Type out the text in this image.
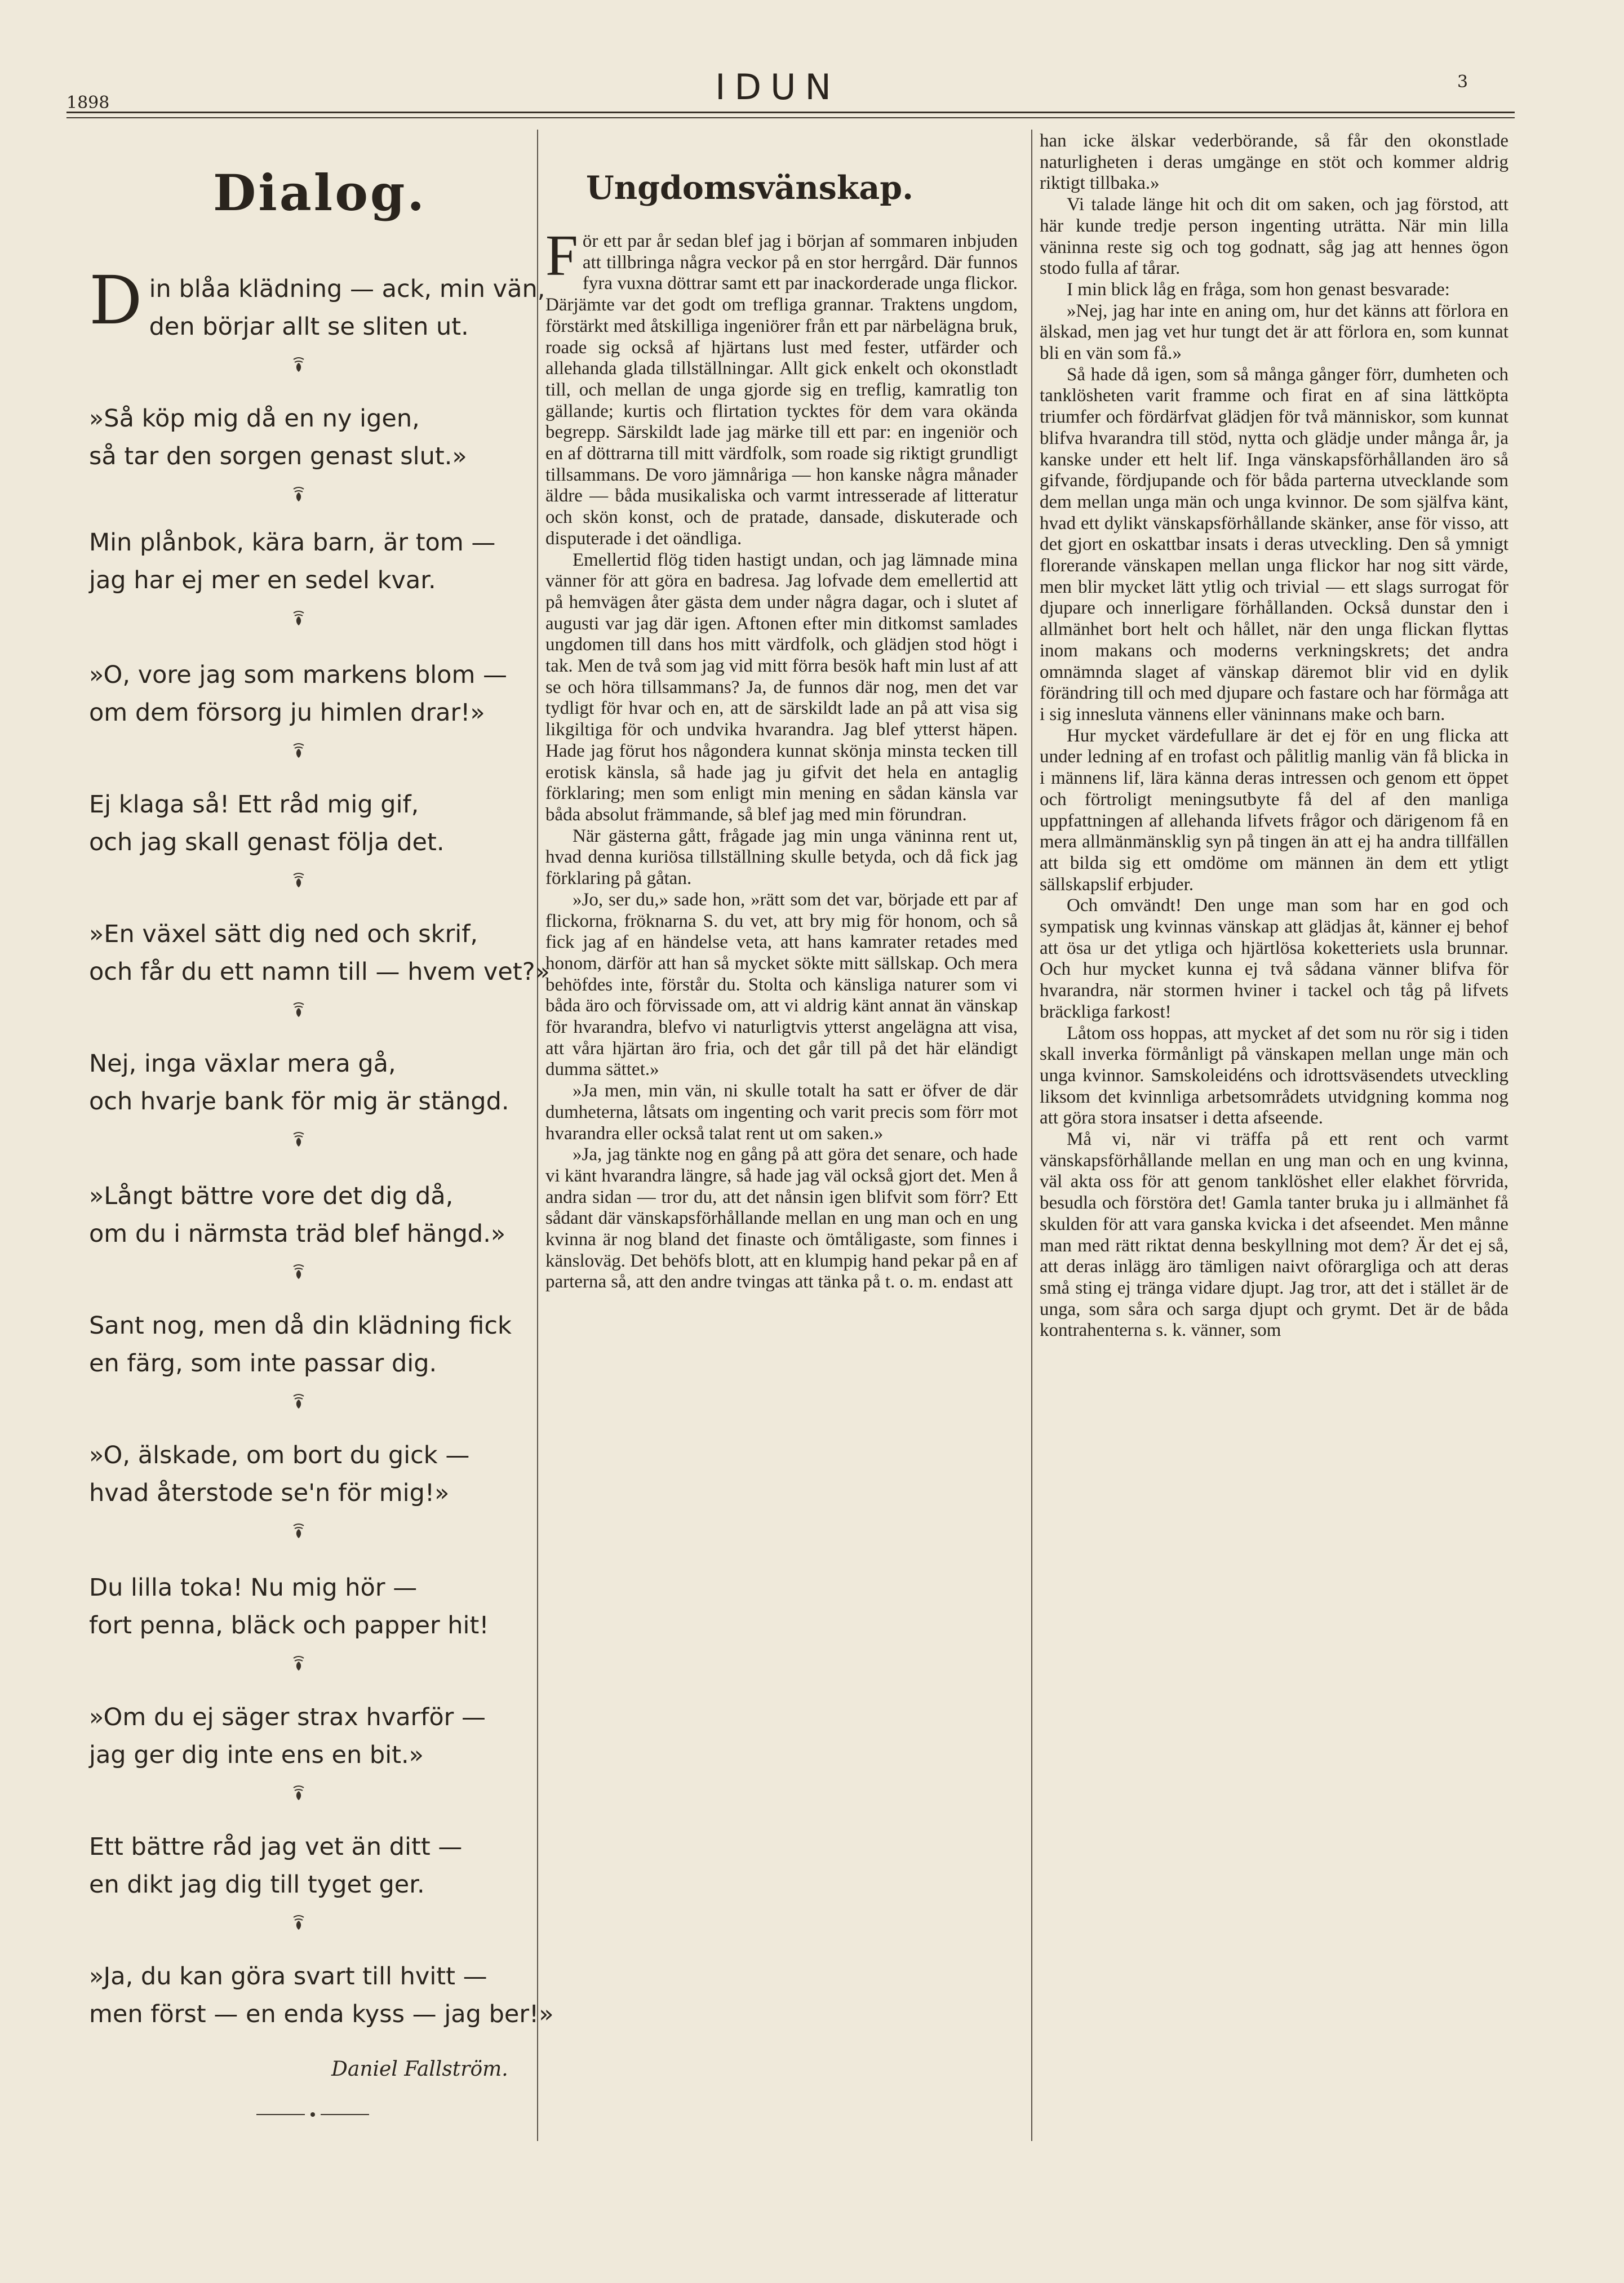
1898	IDUN	3
Dialog.
D in blåa klädning — ack, min vän,
den börjar allt se sliten ut.
»Så köp mig då en ny igen,
så tar den sorgen genast slut.»
Min plånbok, kära barn, är tom —
jag har ej mer en sedel kvar.
»O, vore jag som markens blom —
om dem försorg ju himlen drar!»
Ej klaga så! Ett råd mig gif,
och jag skall genast följa det.
»En växel sätt dig ned och skrif,
och får du ett namn till — hvem vet?»
Nej, inga växlar mera gå,
och hvarje bank för mig är stängd.
»Långt bättre vore det dig då,
om du i närmsta träd blef hängd.»
Sant nog, men då din klädning fick
en färg, som inte passar dig.
»O, älskade, om bort du gick —
hvad återstode se'n för mig!»
Du lilla toka! Nu mig hör —
fort penna, bläck och papper hit!
»Om du ej säger strax hvarför —
jag ger dig inte ens en bit.»
Ett bättre råd jag vet än ditt —
en dikt jag dig till tyget ger.
»Ja, du kan göra svart till hvitt —
men först — en enda kyss — jag ber!»
Daniel Fallström.
Ungdomsvänskap.
F ör ett par år sedan blef jag i början af sommaren inbjuden att tillbringa några veckor på en stor herrgård. Där funnos fyra vuxna döttrar samt ett par inackorderade unga flickor. Därjämte var det godt om trefliga grannar. Traktens ungdom, förstärkt med åtskilliga ingeniörer från ett par närbelägna bruk, roade sig också af hjärtans lust med fester, utfärder och allehanda glada tillställningar. Allt gick enkelt och okonstladt till, och mellan de unga gjorde sig en treflig, kamratlig ton gällande; kurtis och flirtation tycktes för dem vara okända begrepp. Särskildt lade jag märke till ett par: en ingeniör och en af döttrarna till mitt värdfolk, som roade sig riktigt grundligt tillsammans. De voro jämnåriga — hon kanske några månader äldre — båda musikaliska och varmt intresserade af litteratur och skön konst, och de pratade, dansade, diskuterade och disputerade i det oändliga.

Emellertid flög tiden hastigt undan, och jag lämnade mina vänner för att göra en badresa. Jag lofvade dem emellertid att på hemvägen åter gästa dem under några dagar, och i slutet af augusti var jag där igen. Aftonen efter min ditkomst samlades ungdomen till dans hos mitt värdfolk, och glädjen stod högt i tak. Men de två som jag vid mitt förra besök haft min lust af att se och höra tillsammans? Ja, de funnos där nog, men det var tydligt för hvar och en, att de särskildt lade an på att visa sig likgiltiga för och undvika hvarandra. Jag blef ytterst häpen. Hade jag förut hos någondera kunnat skönja minsta tecken till erotisk känsla, så hade jag ju gifvit det hela en antaglig förklaring; men som enligt min mening en sådan känsla var båda absolut främmande, så blef jag med min förundran.

När gästerna gått, frågade jag min unga väninna rent ut, hvad denna kuriösa tillställning skulle betyda, och då fick jag förklaring på gåtan.

»Jo, ser du,» sade hon, »rätt som det var, började ett par af flickorna, fröknarna S. du vet, att bry mig för honom, och så fick jag af en händelse veta, att hans kamrater retades med honom, därför att han så mycket sökte mitt sällskap. Och mera behöfdes inte, förstår du. Stolta och känsliga naturer som vi båda äro och förvissade om, att vi aldrig känt annat än vänskap för hvarandra, blefvo vi naturligtvis ytterst angelägna att visa, att våra hjärtan äro fria, och det går till på det här eländigt dumma sättet.»

»Ja men, min vän, ni skulle totalt ha satt er öfver de där dumheterna, låtsats om ingenting och varit precis som förr mot hvarandra eller också talat rent ut om saken.»

»Ja, jag tänkte nog en gång på att göra det senare, och hade vi känt hvarandra längre, så hade jag väl också gjort det. Men å andra sidan — tror du, att det nånsin igen blifvit som förr? Ett sådant där vänskapsförhållande mellan en ung man och en ung kvinna är nog bland det finaste och ömtåligaste, som finnes i känsloväg. Det behöfs blott, att en klumpig hand pekar på en af parterna så, att den andre tvingas att tänka på t. o. m. endast att

han icke älskar vederbörande, så får den okonstlade naturligheten i deras umgänge en stöt och kommer aldrig riktigt tillbaka.»

Vi talade länge hit och dit om saken, och jag förstod, att här kunde tredje person ingenting uträtta. När min lilla väninna reste sig och tog godnatt, såg jag att hennes ögon stodo fulla af tårar.

I min blick låg en fråga, som hon genast besvarade:

»Nej, jag har inte en aning om, hur det känns att förlora en älskad, men jag vet hur tungt det är att förlora en, som kunnat bli en vän som få.»

Så hade då igen, som så många gånger förr, dumheten och tanklösheten varit framme och firat en af sina lättköpta triumfer och fördärfvat glädjen för två människor, som kunnat blifva hvarandra till stöd, nytta och glädje under många år, ja kanske under ett helt lif. Inga vänskapsförhållanden äro så gifvande, fördjupande och för båda parterna utvecklande som dem mellan unga män och unga kvinnor. De som själfva känt, hvad ett dylikt vänskapsförhållande skänker, anse för visso, att det gjort en oskattbar insats i deras utveckling. Den så ymnigt florerande vänskapen mellan unga flickor har nog sitt värde, men blir mycket lätt ytlig och trivial — ett slags surrogat för djupare och innerligare förhållanden. Också dunstar den i allmänhet bort helt och hållet, när den unga flickan flyttas inom makans och moderns verkningskrets; det andra omnämnda slaget af vänskap däremot blir vid en dylik förändring till och med djupare och fastare och har förmåga att i sig innesluta vännens eller väninnans make och barn.

Hur mycket värdefullare är det ej för en ung flicka att under ledning af en trofast och pålitlig manlig vän få blicka in i männens lif, lära känna deras intressen och genom ett öppet och förtroligt meningsutbyte få del af den manliga uppfattningen af allehanda lifvets frågor och därigenom få en mera allmänmänsklig syn på tingen än att ej ha andra tillfällen att bilda sig ett omdöme om männen än dem ett ytligt sällskapslif erbjuder.

Och omvändt! Den unge man som har en god och sympatisk ung kvinnas vänskap att glädjas åt, känner ej behof att ösa ur det ytliga och hjärtlösa koketteriets usla brunnar. Och hur mycket kunna ej två sådana vänner blifva för hvarandra, när stormen hviner i tackel och tåg på lifvets bräckliga farkost!

Låtom oss hoppas, att mycket af det som nu rör sig i tiden skall inverka förmånligt på vänskapen mellan unge män och unga kvinnor. Samskoleidéns och idrottsväsendets utveckling liksom det kvinnliga arbetsområdets utvidgning komma nog att göra stora insatser i detta afseende.

Må vi, när vi träffa på ett rent och varmt vänskapsförhållande mellan en ung man och en ung kvinna, väl akta oss för att genom tanklöshet eller elakhet förvrida, besudla och förstöra det! Gamla tanter bruka ju i allmänhet få skulden för att vara ganska kvicka i det afseendet. Men månne man med rätt riktat denna beskyllning mot dem? Är det ej så, att deras inlägg äro tämligen naivt oförargliga och att deras små sting ej tränga vidare djupt. Jag tror, att det i stället är de unga, som såra och sarga djupt och grymt. Det är de båda kontrahenterna s. k. vänner, som
